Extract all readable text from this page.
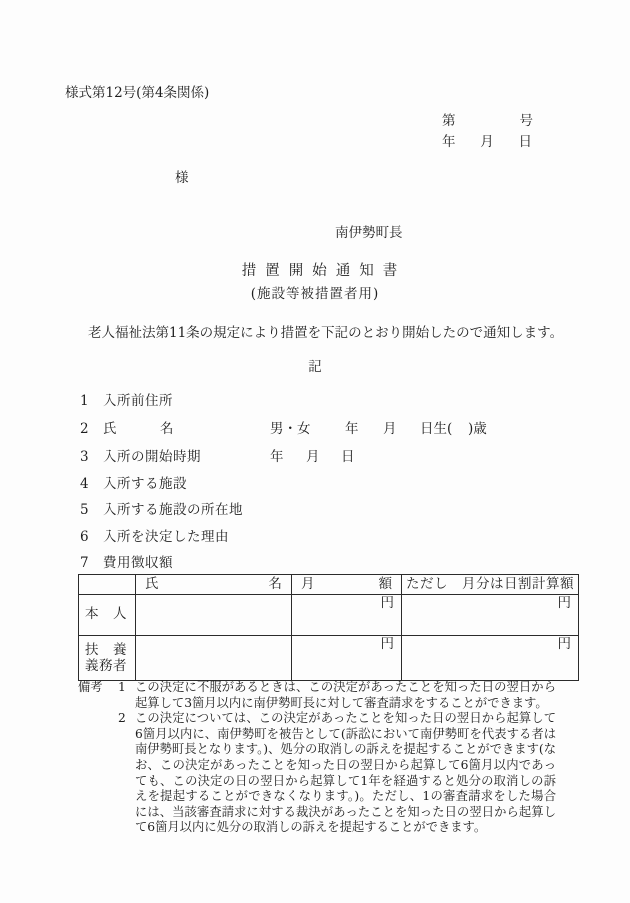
様式第12号(第4条関係)
第	号
年 月 日
様
南伊勢町長
措置開始通知書
(施設等被措置者用)
老人福祉法第11条の規定により措置を下記のとおり開始したので通知します。
記
1 入所前住所
2 氏	名	男・女	年 月 日生( )歳
3 入所の開始時期	年 月 日
4 入所する施設
5 入所する施設の所在地
6 入所を決定した理由
7 費用徴収額

	氏 名	月 額	ただし　月分は日割計算額
本　人		円	円

扶　養
義務者		円	円
備考	1 この決定に不服があるときは、この決定があったことを知った日の翌日から起算して3箇月以内に南伊勢町長に対して審査請求をすることができます。
2 この決定については、この決定があったことを知った日の翌日から起算して6箇月以内に、南伊勢町を被告として(訴訟において南伊勢町を代表する者は南伊勢町長となります。)、処分の取消しの訴えを提起することができます(なお、この決定があったことを知った日の翌日から起算して6箇月以内であっても、この決定の日の翌日から起算して1年を経過すると処分の取消しの訴えを提起することができなくなります。)。ただし、1の審査請求をした場合には、当該審査請求に対する裁決があったことを知った日の翌日から起算して6箇月以内に処分の取消しの訴えを提起することができます。
